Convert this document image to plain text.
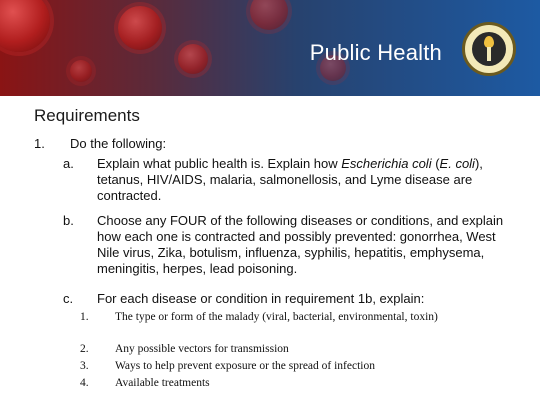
Public Health
Requirements
1. Do the following:
a. Explain what public health is. Explain how Escherichia coli (E. coli), tetanus, HIV/AIDS, malaria, salmonellosis, and Lyme disease are contracted.
b. Choose any FOUR of the following diseases or conditions, and explain how each one is contracted and possibly prevented: gonorrhea, West Nile virus, Zika, botulism, influenza, syphilis, hepatitis, emphysema, meningitis, herpes, lead poisoning.
c. For each disease or condition in requirement 1b, explain:
1. The type or form of the malady (viral, bacterial, environmental, toxin)
2. Any possible vectors for transmission
3. Ways to help prevent exposure or the spread of infection
4. Available treatments
